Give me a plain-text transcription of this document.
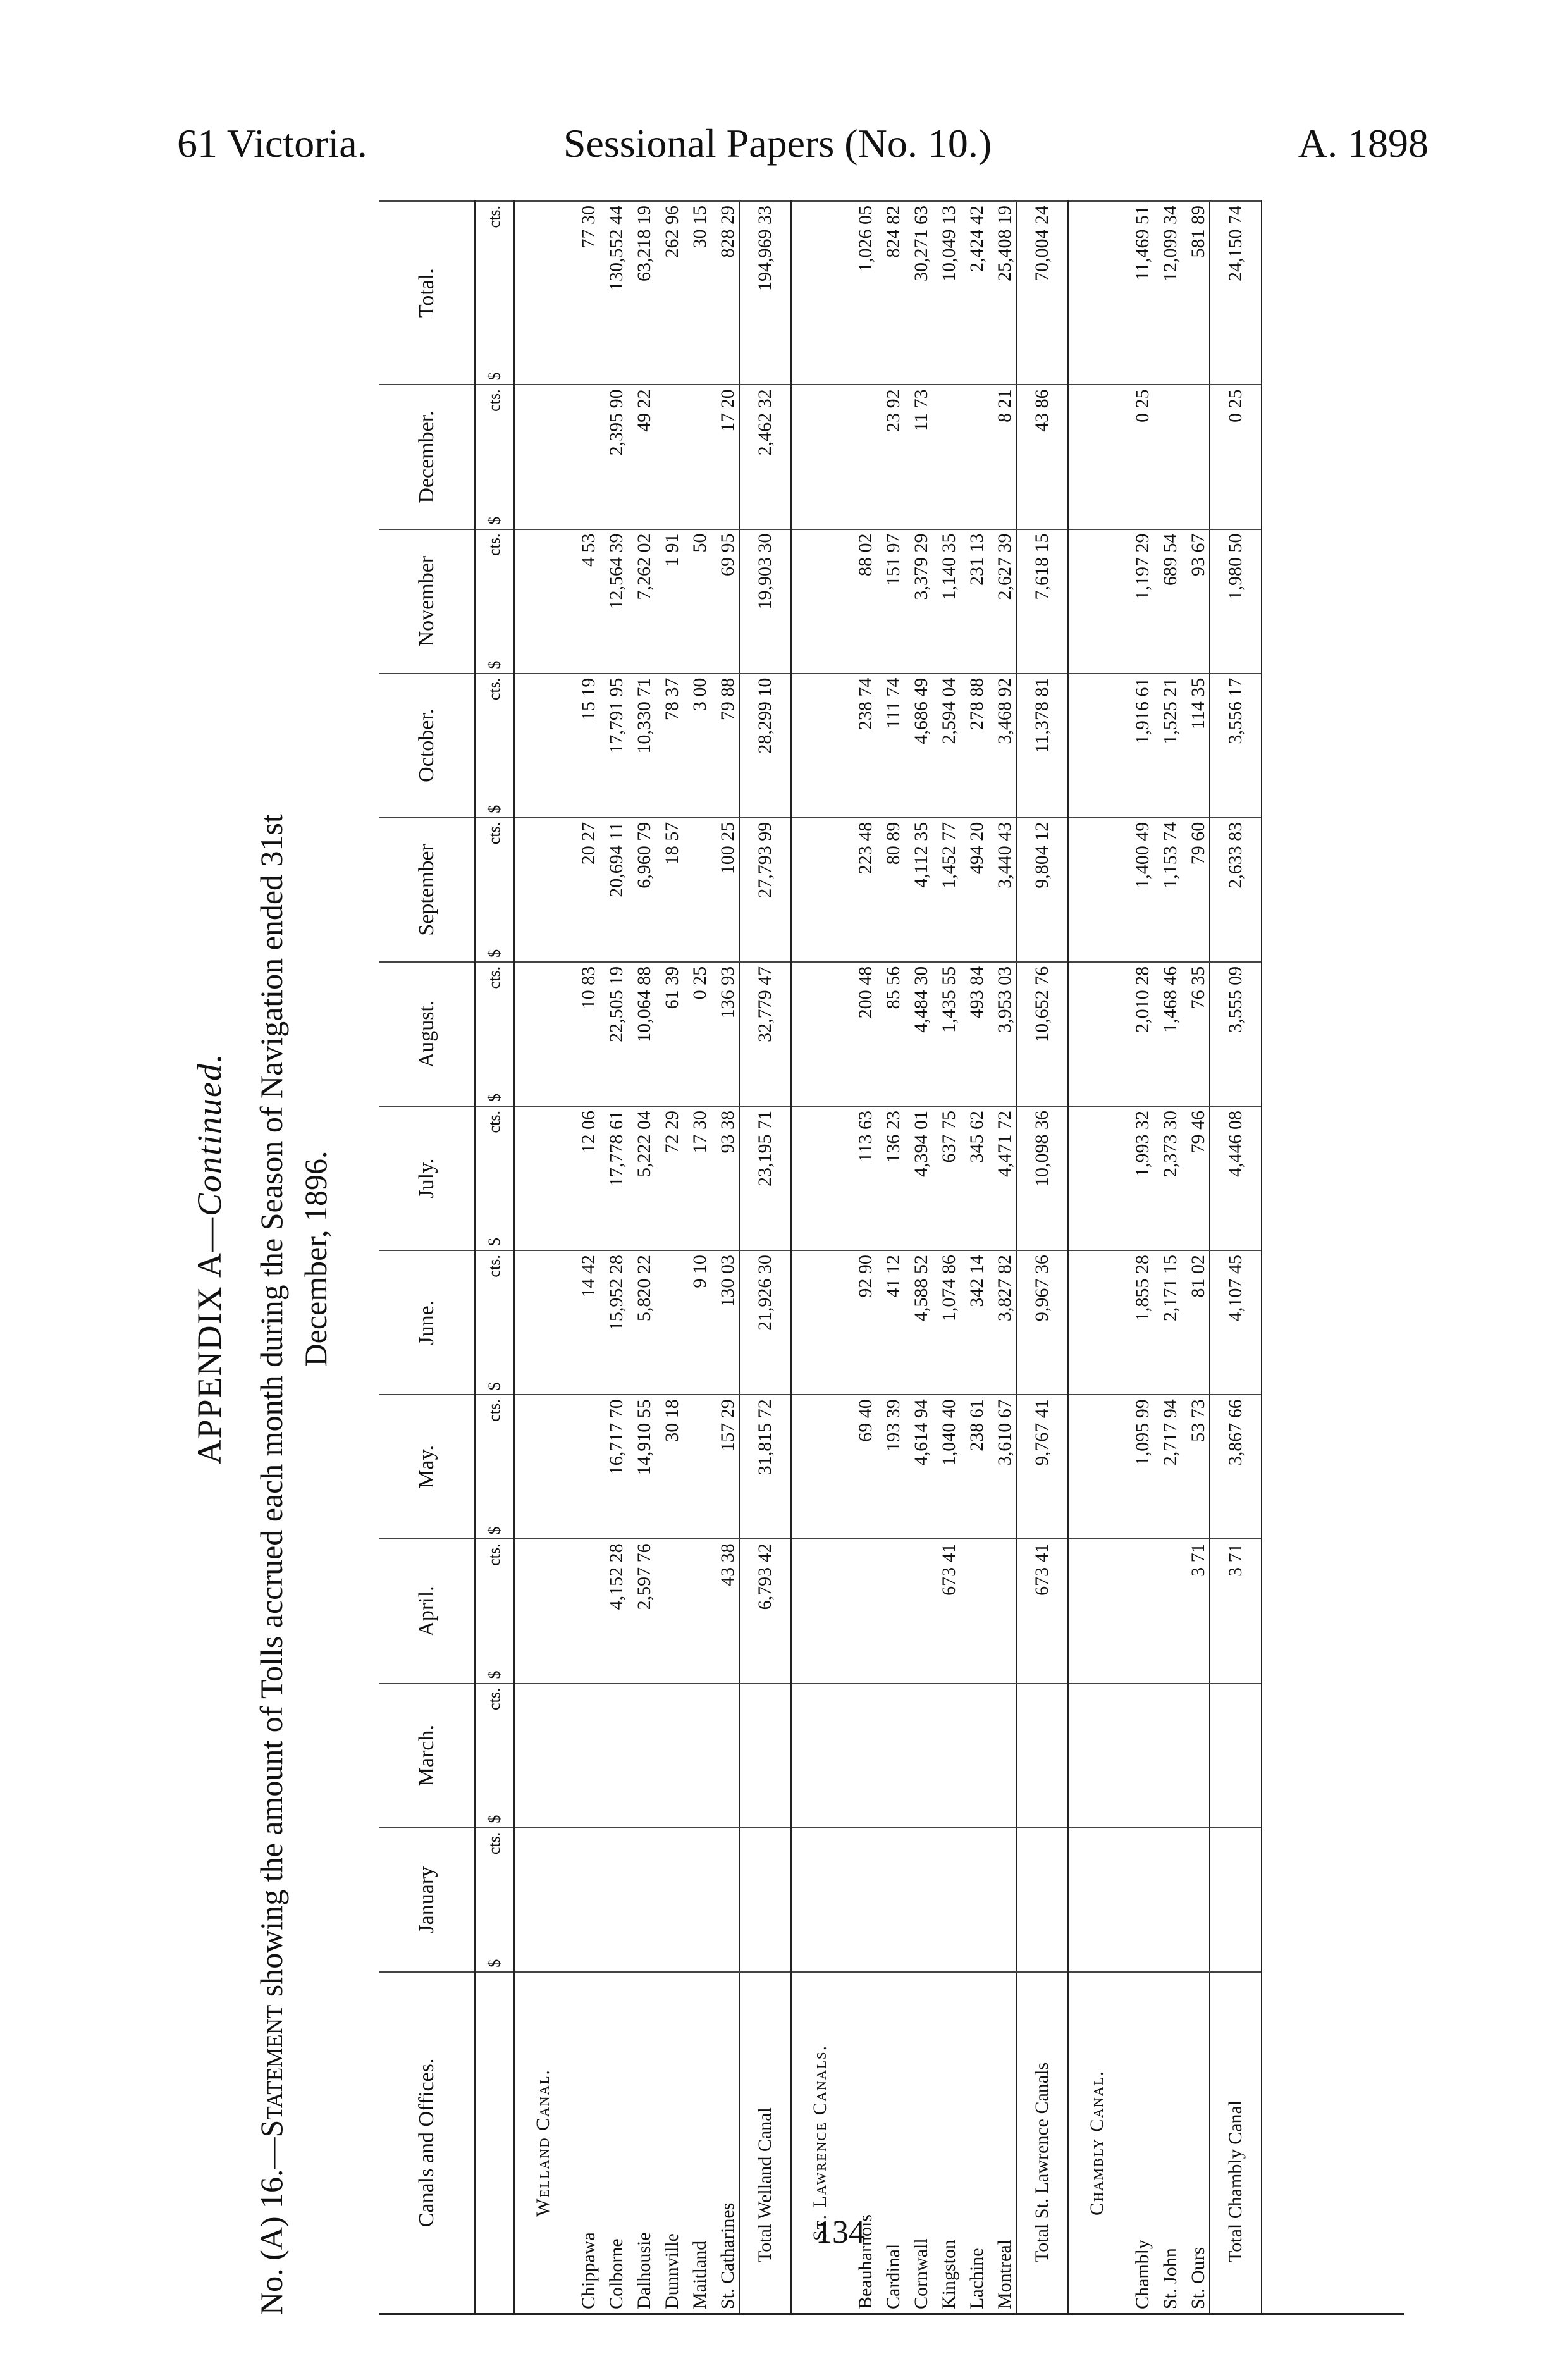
61 Victoria.	Sessional Papers (No. 10.)	A. 1898
APPENDIX A—Continued.
No. (A) 16.—Statement showing the amount of Tolls accrued each month during the Season of Navigation ended 31st December, 1896.
Canals and Offices.	January	March.	April.	May.	June.	July.	August.	September	October.	November	December.	Total.

	$
cts.	$
cts.	$
cts.	$
cts.	$
cts.	$
cts.	$
cts.	$
cts.	$
cts.	$
cts.	$
cts.	$
cts.

Welland Canal.												
Chippawa					14 42	12 06	10 83	20 27	15 19	4 53		77 30
Colborne			4,152 28	16,717 70	15,952 28	17,778 61	22,505 19	20,694 11	17,791 95	12,564 39	2,395 90	130,552 44
Dalhousie			2,597 76	14,910 55	5,820 22	5,222 04	10,064 88	6,960 79	10,330 71	7,262 02	49 22	63,218 19
Dunnville				30 18		72 29	61 39	18 57	78 37	1 91		262 96
Maitland					9 10	17 30	0 25		3 00	50		30 15
St. Catharines			43 38	157 29	130 03	93 38	136 93	100 25	79 88	69 95	17 20	828 29
Total Welland Canal			6,793 42	31,815 72	21,926 30	23,195 71	32,779 47	27,793 99	28,299 10	19,903 30	2,462 32	194,969 33
St. Lawrence Canals.												
Beauharnois				69 40	92 90	113 63	200 48	223 48	238 74	88 02		1,026 05
Cardinal				193 39	41 12	136 23	85 56	80 89	111 74	151 97	23 92	824 82
Cornwall				4,614 94	4,588 52	4,394 01	4,484 30	4,112 35	4,686 49	3,379 29	11 73	30,271 63
Kingston			673 41	1,040 40	1,074 86	637 75	1,435 55	1,452 77	2,594 04	1,140 35		10,049 13
Lachine				238 61	342 14	345 62	493 84	494 20	278 88	231 13		2,424 42
Montreal				3,610 67	3,827 82	4,471 72	3,953 03	3,440 43	3,468 92	2,627 39	8 21	25,408 19
Total St. Lawrence Canals			673 41	9,767 41	9,967 36	10,098 36	10,652 76	9,804 12	11,378 81	7,618 15	43 86	70,004 24
Chambly Canal.												
Chambly				1,095 99	1,855 28	1,993 32	2,010 28	1,400 49	1,916 61	1,197 29	0 25	11,469 51
St. John				2,717 94	2,171 15	2,373 30	1,468 46	1,153 74	1,525 21	689 54		12,099 34
St. Ours			3 71	53 73	81 02	79 46	76 35	79 60	114 35	93 67		581 89
Total Chambly Canal			3 71	3,867 66	4,107 45	4,446 08	3,555 09	2,633 83	3,556 17	1,980 50	0 25	24,150 74
134
